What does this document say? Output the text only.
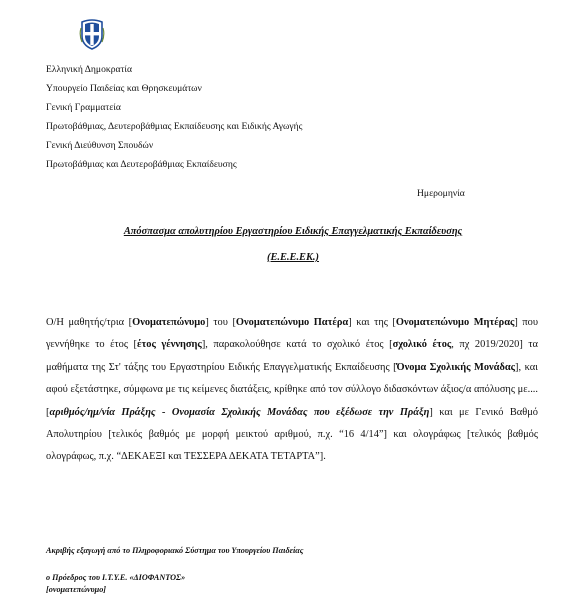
Ελληνική Δημοκρατία
Υπουργείο Παιδείας και Θρησκευμάτων
Γενική Γραμματεία
Πρωτοβάθμιας, Δευτεροβάθμιας Εκπαίδευσης και Ειδικής Αγωγής
Γενική Διεύθυνση Σπουδών
Πρωτοβάθμιας και Δευτεροβάθμιας Εκπαίδευσης
Ημερομηνία
Απόσπασμα απολυτηρίου Εργαστηρίου Ειδικής Επαγγελματικής Εκπαίδευσης
(Ε.Ε.Ε.ΕΚ.)
Ο/Η μαθητής/τρια [Ονοματεπώνυμο] του [Ονοματεπώνυμο Πατέρα] και της [Ονοματεπώνυμο Μητέρας] που γεννήθηκε το έτος [έτος γέννησης], παρακολούθησε κατά το σχολικό έτος [σχολικό έτος, πχ 2019/2020] τα μαθήματα της Στ' τάξης του Εργαστηρίου Ειδικής Επαγγελματικής Εκπαίδευσης [Όνομα Σχολικής Μονάδας], και αφού εξετάστηκε, σύμφωνα με τις κείμενες διατάξεις, κρίθηκε από τον σύλλογο διδασκόντων άξιος/α απόλυσης με.... [αριθμός/ημ/νία Πράξης - Ονομασία Σχολικής Μονάδας που εξέδωσε την Πράξη] και με Γενικό Βαθμό Απολυτηρίου [τελικός βαθμός με μορφή μεικτού αριθμού, π.χ. “16 4/14”] και ολογράφως [τελικός βαθμός ολογράφως, π.χ. “ΔΕΚΑΕΞΙ και ΤΕΣΣΕΡΑ ΔΕΚΑΤΑ ΤΕΤΑΡΤΑ”].
Ακριβής εξαγωγή από το Πληροφοριακό Σύστημα του Υπουργείου Παιδείας
ο Πρόεδρος του Ι.Τ.Υ.Ε. «ΔΙΟΦΑΝΤΟΣ»
[ονοματεπώνυμο]
